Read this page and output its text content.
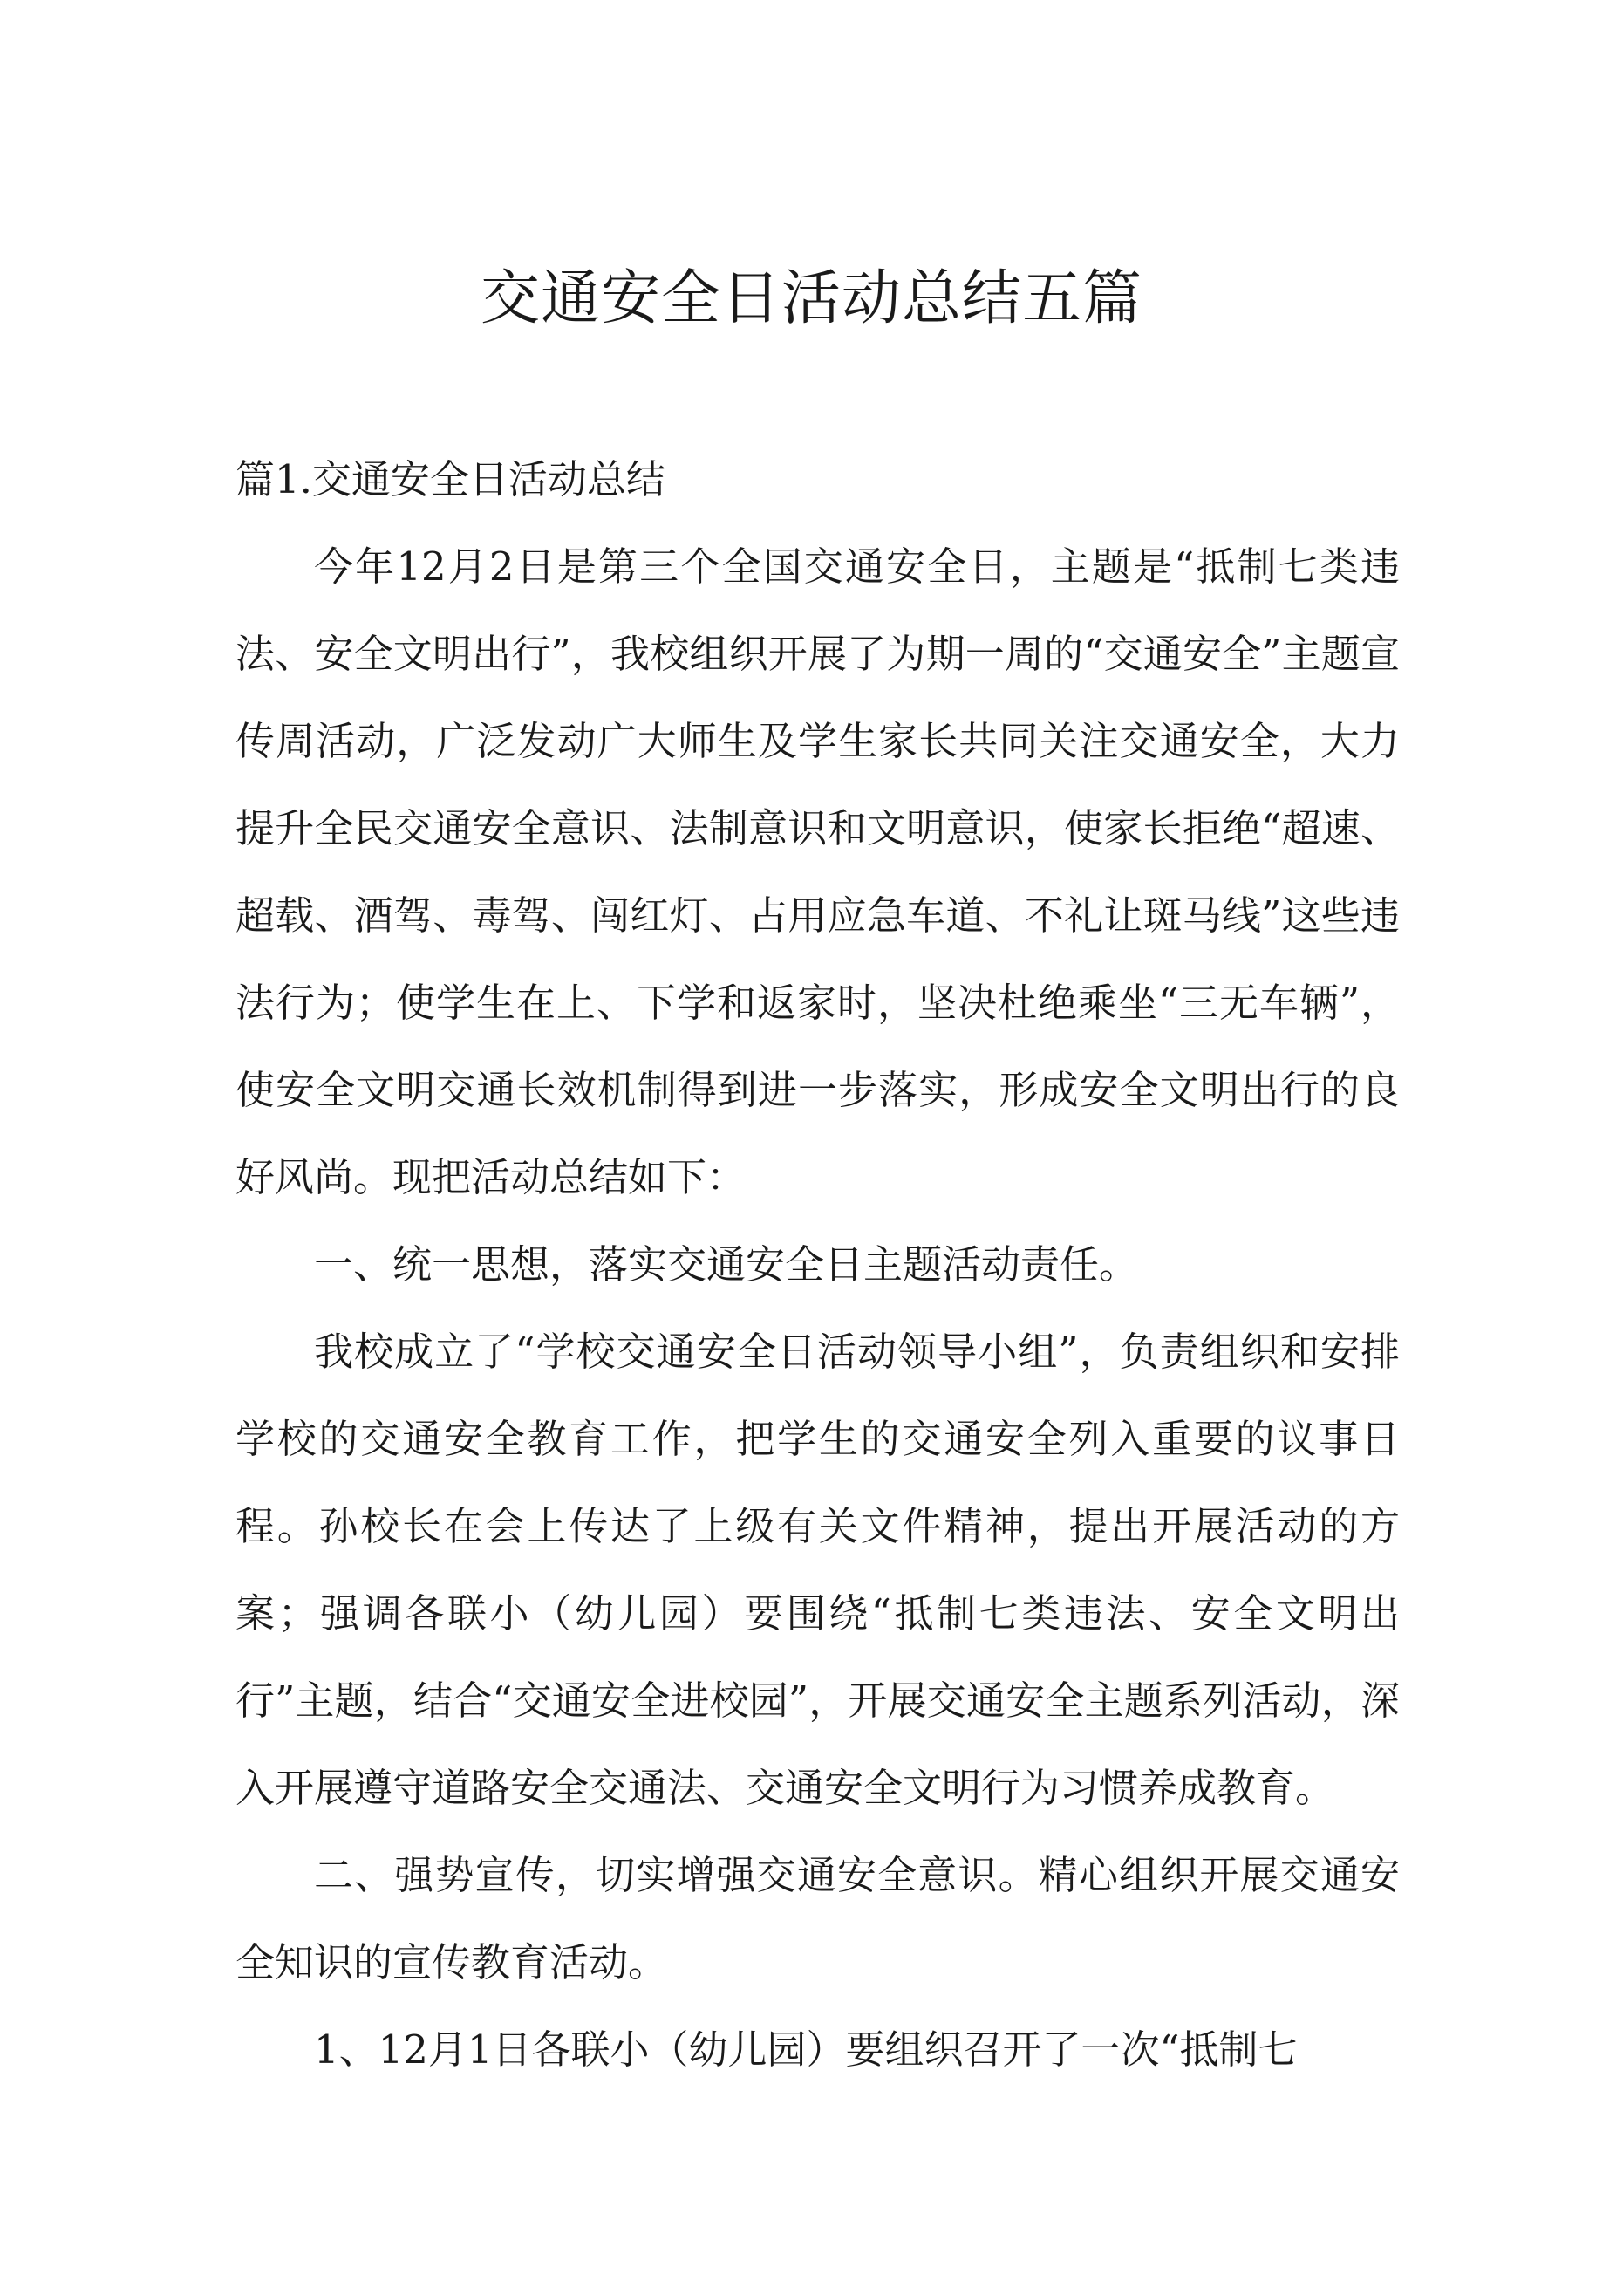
交通安全日活动总结五篇

篇1.交通安全日活动总结

今年12月2日是第三个全国交通安全日，主题是“抵制七类违法、安全文明出行”，我校组织开展了为期一周的“交通安全”主题宣传周活动，广泛发动广大师生及学生家长共同关注交通安全，大力提升全民交通安全意识、法制意识和文明意识，使家长拒绝“超速、超载、酒驾、毒驾、闯红灯、占用应急车道、不礼让斑马线”这些违法行为；使学生在上、下学和返家时，坚决杜绝乘坐“三无车辆”，使安全文明交通长效机制得到进一步落实，形成安全文明出行的良好风尚。现把活动总结如下：

一、统一思想，落实交通安全日主题活动责任。

我校成立了“学校交通安全日活动领导小组”，负责组织和安排学校的交通安全教育工作，把学生的交通安全列入重要的议事日程。孙校长在会上传达了上级有关文件精神，提出开展活动的方案；强调各联小（幼儿园）要围绕“抵制七类违法、安全文明出行”主题，结合“交通安全进校园”，开展交通安全主题系列活动，深入开展遵守道路安全交通法、交通安全文明行为习惯养成教育。

二、强势宣传，切实增强交通安全意识。精心组织开展交通安全知识的宣传教育活动。

1、12月1日各联小（幼儿园）要组织召开了一次“抵制七
